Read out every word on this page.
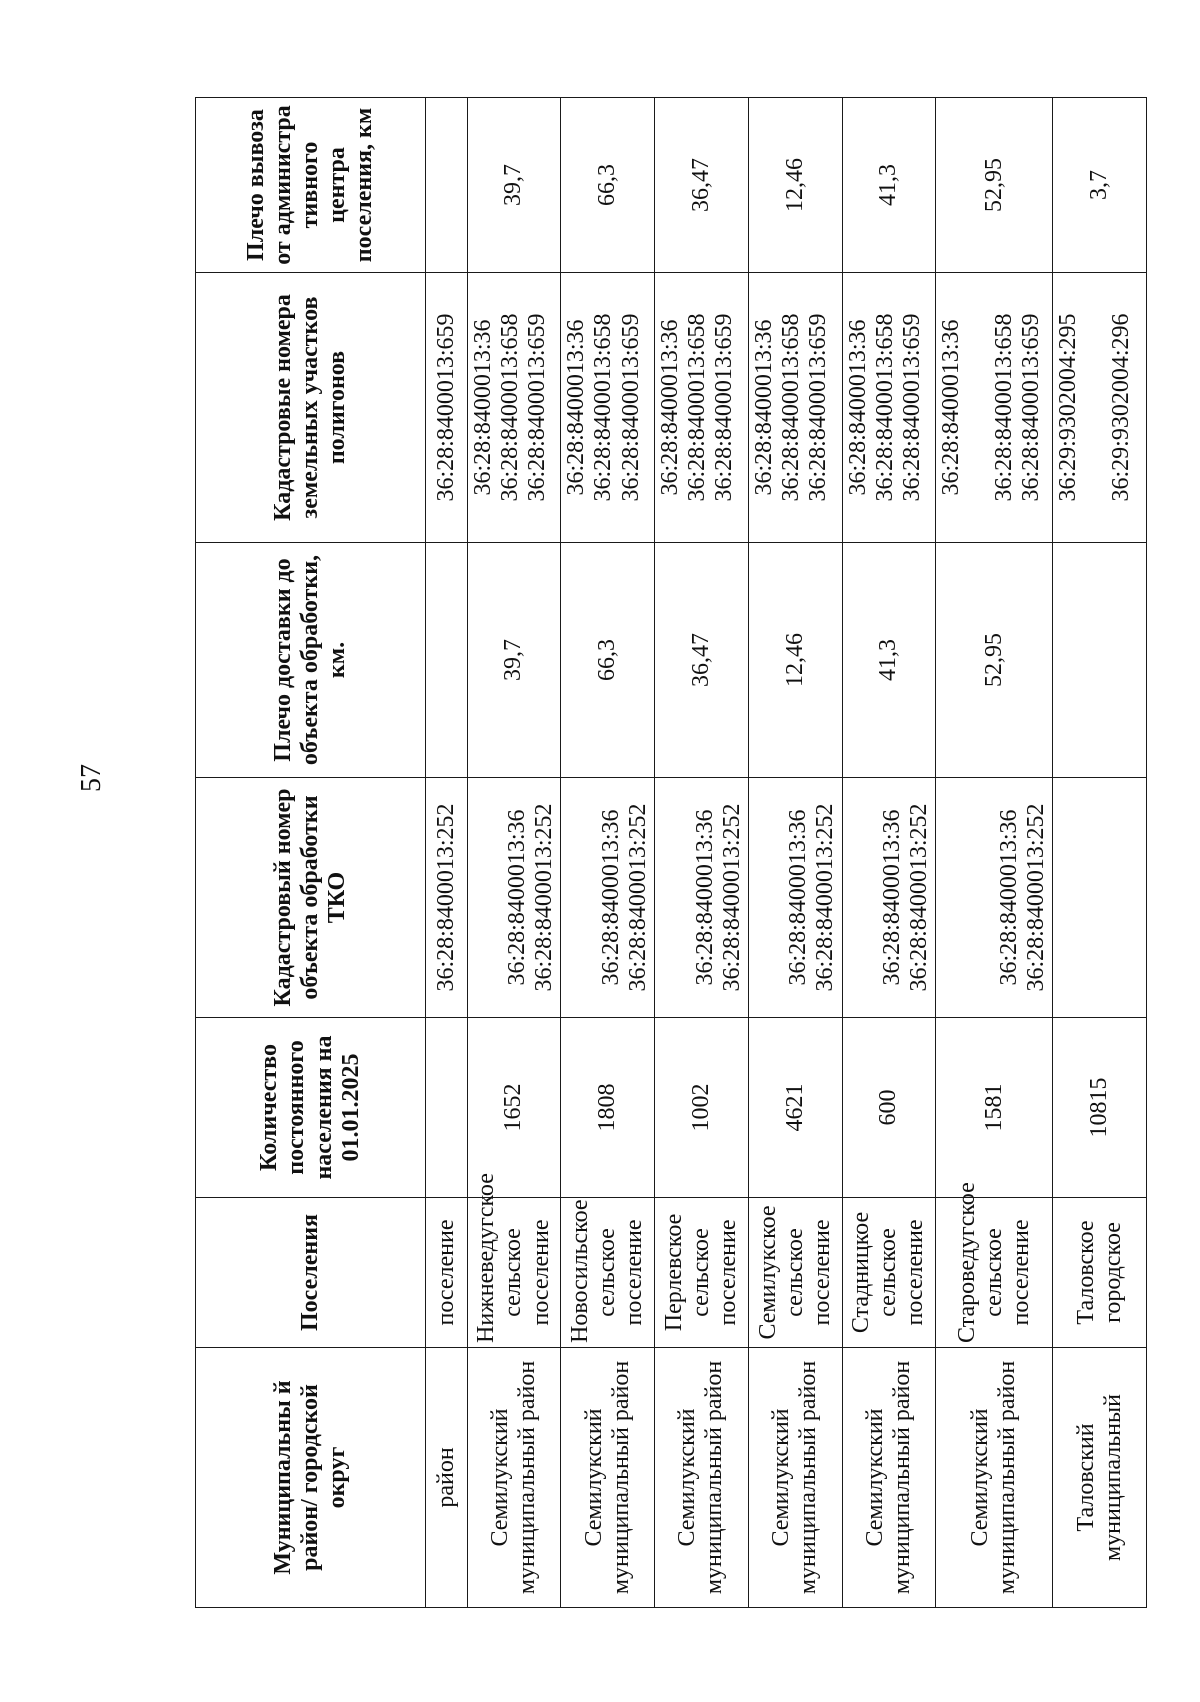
57
Муниципальны й район/ городской округ	Поселения	Количество постоянного населения на 01.01.2025	Кадастровый номер объекта обработки ТКО	Плечо доставки до объекта обработки, км.	Кадастровые номера земельных участков полигонов	Плечо вывоза от администра тивного центра поселения, км
район	поселение		36:28:8400013:252		36:28:8400013:659	
Семилукский муниципальный район	Нижневедугское сельское поселение	1652	36:28:8400013:36 36:28:8400013:252	39,7	36:28:8400013:36 36:28:8400013:658 36:28:8400013:659	39,7
Семилукский муниципальный район	Новосильское сельское поселение	1808	36:28:8400013:36 36:28:8400013:252	66,3	36:28:8400013:36 36:28:8400013:658 36:28:8400013:659	66,3
Семилукский муниципальный район	Перлевское сельское поселение	1002	36:28:8400013:36 36:28:8400013:252	36,47	36:28:8400013:36 36:28:8400013:658 36:28:8400013:659	36,47
Семилукский муниципальный район	Семилукское сельское поселение	4621	36:28:8400013:36 36:28:8400013:252	12,46	36:28:8400013:36 36:28:8400013:658 36:28:8400013:659	12,46
Семилукский муниципальный район	Стадницкое сельское поселение	600	36:28:8400013:36 36:28:8400013:252	41,3	36:28:8400013:36 36:28:8400013:658 36:28:8400013:659	41,3
Семилукский муниципальный район	Староведугское сельское поселение	1581	36:28:8400013:36 36:28:8400013:252	52,95	36:28:8400013:36 36:28:8400013:658 36:28:8400013:659	52,95
Таловский муниципальный	Таловское городское	10815			36:29:9302004:295 36:29:9302004:296	3,7
